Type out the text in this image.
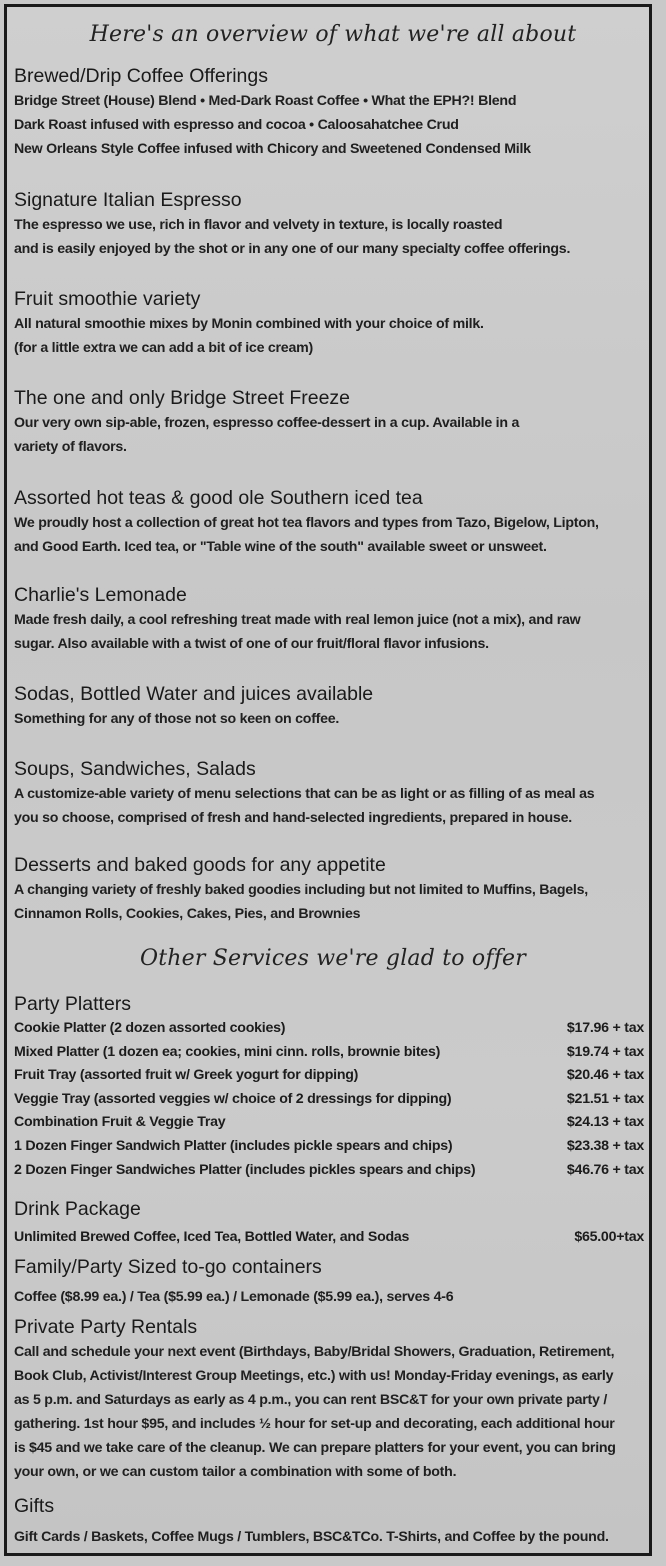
Here's an overview of what we're all about
Brewed/Drip Coffee Offerings

Bridge Street (House) Blend • Med-Dark Roast Coffee • What the EPH?! Blend

Dark Roast infused with espresso and cocoa • Caloosahatchee Crud

New Orleans Style Coffee infused with Chicory and Sweetened Condensed Milk

Signature Italian Espresso

The espresso we use, rich in flavor and velvety in texture, is locally roasted

and is easily enjoyed by the shot or in any one of our many specialty coffee offerings.

Fruit smoothie variety

All natural smoothie mixes by Monin combined with your choice of milk.

(for a little extra we can add a bit of ice cream)

The one and only Bridge Street Freeze

Our very own sip-able, frozen, espresso coffee-dessert in a cup. Available in a

variety of flavors.

Assorted hot teas & good ole Southern iced tea

We proudly host a collection of great hot tea flavors and types from Tazo, Bigelow, Lipton,

and Good Earth. Iced tea, or "Table wine of the south" available sweet or unsweet.

Charlie's Lemonade

Made fresh daily, a cool refreshing treat made with real lemon juice (not a mix), and raw

sugar. Also available with a twist of one of our fruit/floral flavor infusions.

Sodas, Bottled Water and juices available

Something for any of those not so keen on coffee.

Soups, Sandwiches, Salads

A customize-able variety of menu selections that can be as light or as filling of as meal as

you so choose, comprised of fresh and hand-selected ingredients, prepared in house.

Desserts and baked goods for any appetite

A changing variety of freshly baked goodies including but not limited to Muffins, Bagels,

Cinnamon Rolls, Cookies, Cakes, Pies, and Brownies

Other Services we're glad to offer
Party Platters
Cookie Platter (2 dozen assorted cookies)	$17.96 + tax
Mixed Platter (1 dozen ea; cookies, mini cinn. rolls, brownie bites)	$19.74 + tax
Fruit Tray (assorted fruit w/ Greek yogurt for dipping)	$20.46 + tax
Veggie Tray (assorted veggies w/ choice of 2 dressings for dipping)	$21.51 + tax
Combination Fruit & Veggie Tray	$24.13 + tax
1 Dozen Finger Sandwich Platter (includes pickle spears and chips)	$23.38 + tax
2 Dozen Finger Sandwiches Platter (includes pickles spears and chips)	$46.76 + tax
Drink Package
Unlimited Brewed Coffee, Iced Tea, Bottled Water, and Sodas	$65.00+tax
Family/Party Sized to-go containers

Coffee ($8.99 ea.) / Tea ($5.99 ea.) / Lemonade ($5.99 ea.), serves 4-6

Private Party Rentals

Call and schedule your next event (Birthdays, Baby/Bridal Showers, Graduation, Retirement,

Book Club, Activist/Interest Group Meetings, etc.) with us! Monday-Friday evenings, as early

as 5 p.m. and Saturdays as early as 4 p.m., you can rent BSC&T for your own private party /

gathering. 1st hour $95, and includes ½ hour for set-up and decorating, each additional hour

is $45 and we take care of the cleanup. We can prepare platters for your event, you can bring

your own, or we can custom tailor a combination with some of both.

Gifts

Gift Cards / Baskets, Coffee Mugs / Tumblers, BSC&TCo. T-Shirts, and Coffee by the pound.
